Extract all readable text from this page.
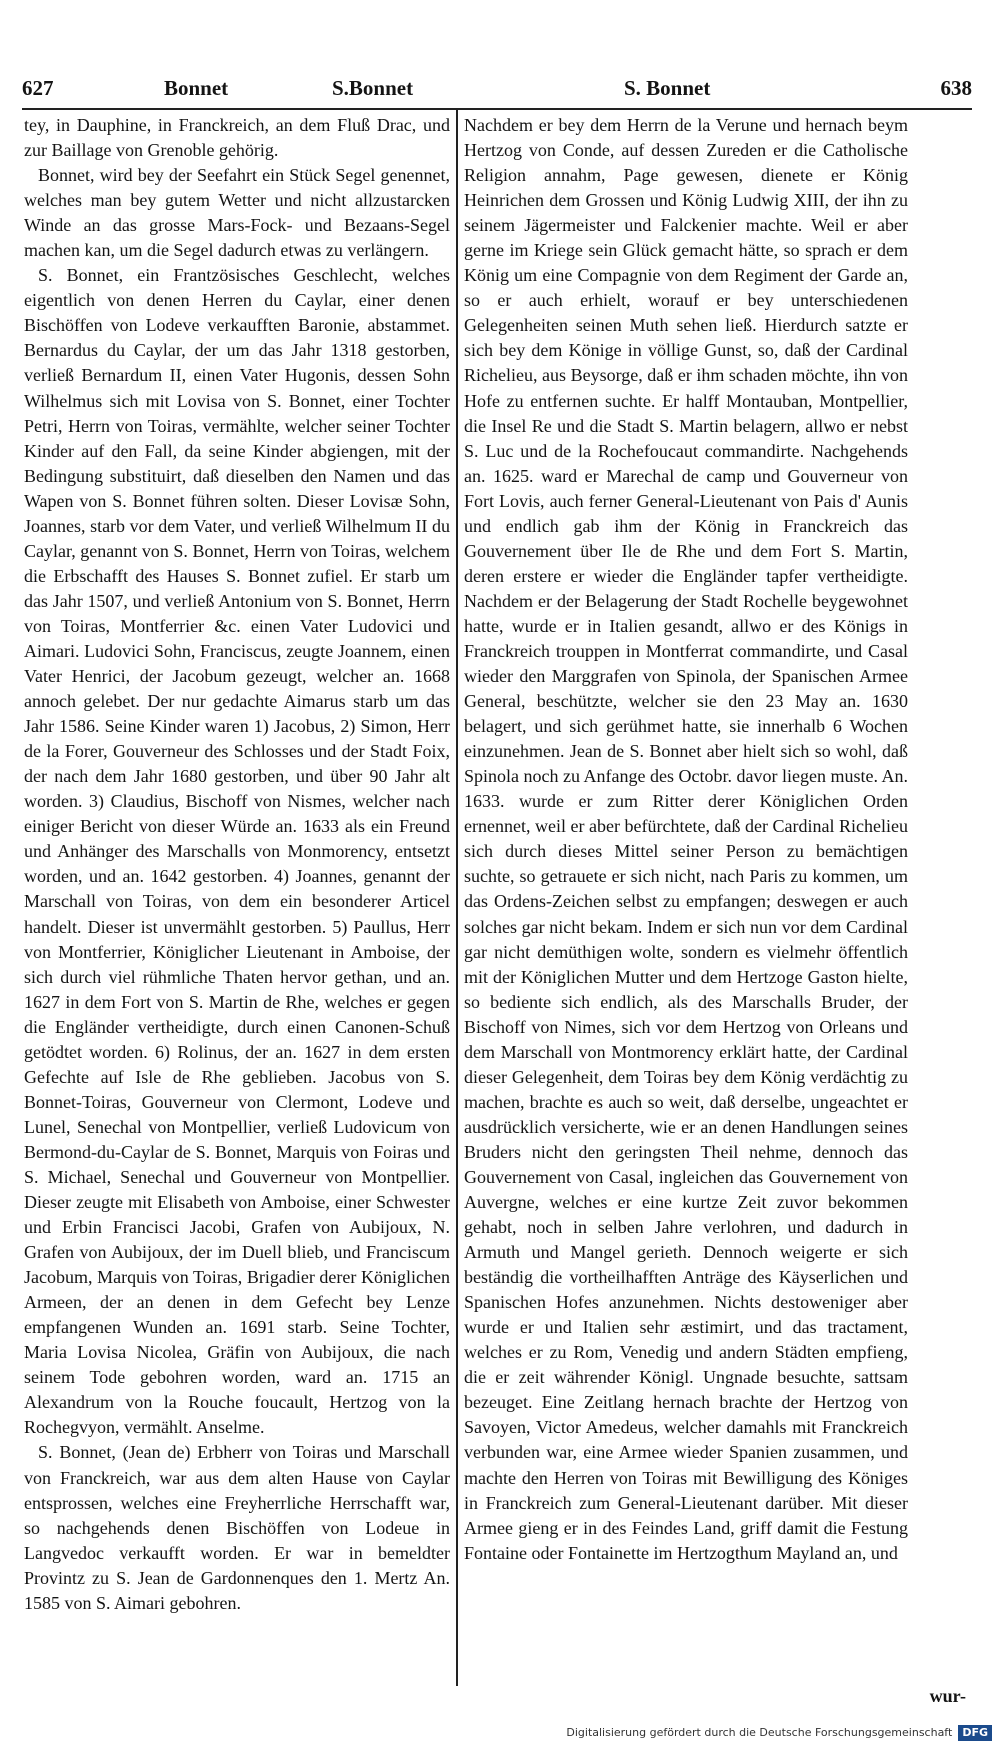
627	Bonnet	S.Bonnet	S. Bonnet	638

tey, in Dauphine, in Franckreich, an dem Fluß Drac, und zur Baillage von Grenoble gehörig.

Bonnet, wird bey der Seefahrt ein Stück Segel genennet, welches man bey gutem Wetter und nicht allzustarcken Winde an das grosse Mars-Fock- und Bezaans-Segel machen kan, um die Segel dadurch etwas zu verlängern.

S. Bonnet, ein Frantzösisches Geschlecht, welches eigentlich von denen Herren du Caylar, einer denen Bischöffen von Lodeve verkaufften Baronie, abstammet. Bernardus du Caylar, der um das Jahr 1318 gestorben, verließ Bernardum II, einen Vater Hugonis, dessen Sohn Wilhelmus sich mit Lovisa von S. Bonnet, einer Tochter Petri, Herrn von Toiras, vermählte, welcher seiner Tochter Kinder auf den Fall, da seine Kinder abgiengen, mit der Bedingung substituirt, daß dieselben den Namen und das Wapen von S. Bonnet führen solten. Dieser Lovisæ Sohn, Joannes, starb vor dem Vater, und verließ Wilhelmum II du Caylar, genannt von S. Bonnet, Herrn von Toiras, welchem die Erbschafft des Hauses S. Bonnet zufiel. Er starb um das Jahr 1507, und verließ Antonium von S. Bonnet, Herrn von Toiras, Montferrier &c. einen Vater Ludovici und Aimari. Ludovici Sohn, Franciscus, zeugte Joannem, einen Vater Henrici, der Jacobum gezeugt, welcher an. 1668 annoch gelebet. Der nur gedachte Aimarus starb um das Jahr 1586. Seine Kinder waren 1) Jacobus, 2) Simon, Herr de la Forer, Gouverneur des Schlosses und der Stadt Foix, der nach dem Jahr 1680 gestorben, und über 90 Jahr alt worden. 3) Claudius, Bischoff von Nismes, welcher nach einiger Bericht von dieser Würde an. 1633 als ein Freund und Anhänger des Marschalls von Monmorency, entsetzt worden, und an. 1642 gestorben. 4) Joannes, genannt der Marschall von Toiras, von dem ein besonderer Articel handelt. Dieser ist unvermählt gestorben. 5) Paullus, Herr von Montferrier, Königlicher Lieutenant in Amboise, der sich durch viel rühmliche Thaten hervor gethan, und an. 1627 in dem Fort von S. Martin de Rhe, welches er gegen die Engländer vertheidigte, durch einen Canonen-Schuß getödtet worden. 6) Rolinus, der an. 1627 in dem ersten Gefechte auf Isle de Rhe geblieben. Jacobus von S. Bonnet-Toiras, Gouverneur von Clermont, Lodeve und Lunel, Senechal von Montpellier, verließ Ludovicum von Bermond-du-Caylar de S. Bonnet, Marquis von Foiras und S. Michael, Senechal und Gouverneur von Montpellier. Dieser zeugte mit Elisabeth von Amboise, einer Schwester und Erbin Francisci Jacobi, Grafen von Aubijoux, N. Grafen von Aubijoux, der im Duell blieb, und Franciscum Jacobum, Marquis von Toiras, Brigadier derer Königlichen Armeen, der an denen in dem Gefecht bey Lenze empfangenen Wunden an. 1691 starb. Seine Tochter, Maria Lovisa Nicolea, Gräfin von Aubijoux, die nach seinem Tode gebohren worden, ward an. 1715 an Alexandrum von la Rouche foucault, Hertzog von la Rochegvyon, vermählt. Anselme.

S. Bonnet, (Jean de) Erbherr von Toiras und Marschall von Franckreich, war aus dem alten Hause von Caylar entsprossen, welches eine Freyherrliche Herrschafft war, so nachgehends denen Bischöffen von Lodeue in Langvedoc verkaufft worden. Er war in bemeldter Provintz zu S. Jean de Gardonnenques den 1. Mertz An. 1585 von S. Aimari gebohren.

Nachdem er bey dem Herrn de la Verune und hernach beym Hertzog von Conde, auf dessen Zureden er die Catholische Religion annahm, Page gewesen, dienete er König Heinrichen dem Grossen und König Ludwig XIII, der ihn zu seinem Jägermeister und Falckenier machte. Weil er aber gerne im Kriege sein Glück gemacht hätte, so sprach er dem König um eine Compagnie von dem Regiment der Garde an, so er auch erhielt, worauf er bey unterschiedenen Gelegenheiten seinen Muth sehen ließ. Hierdurch satzte er sich bey dem Könige in völlige Gunst, so, daß der Cardinal Richelieu, aus Beysorge, daß er ihm schaden möchte, ihn von Hofe zu entfernen suchte. Er halff Montauban, Montpellier, die Insel Re und die Stadt S. Martin belagern, allwo er nebst S. Luc und de la Rochefoucaut commandirte. Nachgehends an. 1625. ward er Marechal de camp und Gouverneur von Fort Lovis, auch ferner General-Lieutenant von Pais d' Aunis und endlich gab ihm der König in Franckreich das Gouvernement über Ile de Rhe und dem Fort S. Martin, deren erstere er wieder die Engländer tapfer vertheidigte. Nachdem er der Belagerung der Stadt Rochelle beygewohnet hatte, wurde er in Italien gesandt, allwo er des Königs in Franckreich trouppen in Montferrat commandirte, und Casal wieder den Marggrafen von Spinola, der Spanischen Armee General, beschützte, welcher sie den 23 May an. 1630 belagert, und sich gerühmet hatte, sie innerhalb 6 Wochen einzunehmen. Jean de S. Bonnet aber hielt sich so wohl, daß Spinola noch zu Anfange des Octobr. davor liegen muste. An. 1633. wurde er zum Ritter derer Königlichen Orden ernennet, weil er aber befürchtete, daß der Cardinal Richelieu sich durch dieses Mittel seiner Person zu bemächtigen suchte, so getrauete er sich nicht, nach Paris zu kommen, um das Ordens-Zeichen selbst zu empfangen; deswegen er auch solches gar nicht bekam. Indem er sich nun vor dem Cardinal gar nicht demüthigen wolte, sondern es vielmehr öffentlich mit der Königlichen Mutter und dem Hertzoge Gaston hielte, so bediente sich endlich, als des Marschalls Bruder, der Bischoff von Nimes, sich vor dem Hertzog von Orleans und dem Marschall von Montmorency erklärt hatte, der Cardinal dieser Gelegenheit, dem Toiras bey dem König verdächtig zu machen, brachte es auch so weit, daß derselbe, ungeachtet er ausdrücklich versicherte, wie er an denen Handlungen seines Bruders nicht den geringsten Theil nehme, dennoch das Gouvernement von Casal, ingleichen das Gouvernement von Auvergne, welches er eine kurtze Zeit zuvor bekommen gehabt, noch in selben Jahre verlohren, und dadurch in Armuth und Mangel gerieth. Dennoch weigerte er sich beständig die vortheilhafften Anträge des Käyserlichen und Spanischen Hofes anzunehmen. Nichts destoweniger aber wurde er und Italien sehr æstimirt, und das tractament, welches er zu Rom, Venedig und andern Städten empfieng, die er zeit währender Königl. Ungnade besuchte, sattsam bezeuget. Eine Zeitlang hernach brachte der Hertzog von Savoyen, Victor Amedeus, welcher damahls mit Franckreich verbunden war, eine Armee wieder Spanien zusammen, und machte den Herren von Toiras mit Bewilligung des Königes in Franckreich zum General-Lieutenant darüber. Mit dieser Armee gieng er in des Feindes Land, griff damit die Festung Fontaine oder Fontainette im Hertzogthum Mayland an, und

wur-
Digitalisierung gefördert durch die Deutsche Forschungsgemeinschaft DFG
